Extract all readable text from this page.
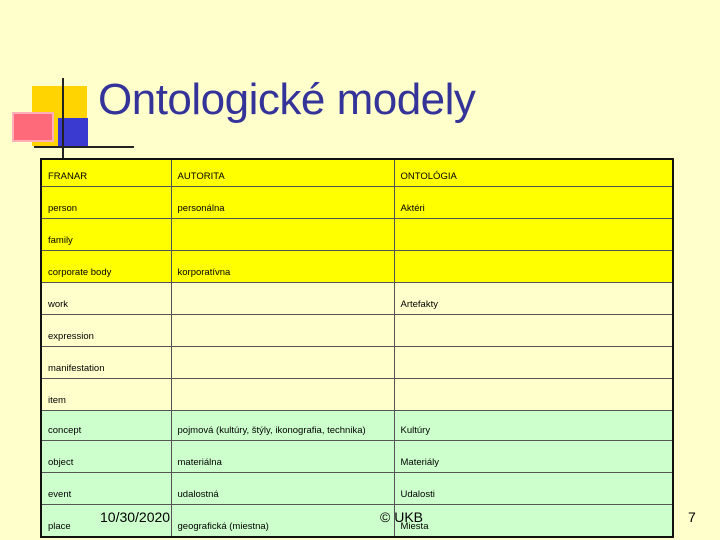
Ontologické modely
FRANAR	AUTORITA	ONTOLÓGIA
person	personálna	Aktéri
family		
corporate body	korporatívna	
work		Artefakty
expression		
manifestation		
item		
concept	pojmová (kultúry, štýly, ikonografia, technika)	Kultúry
object	materiálna	Materiály
event	udalostná	Udalosti
place	geografická (miestna)	Miesta
10/30/2020	© UKB	7
